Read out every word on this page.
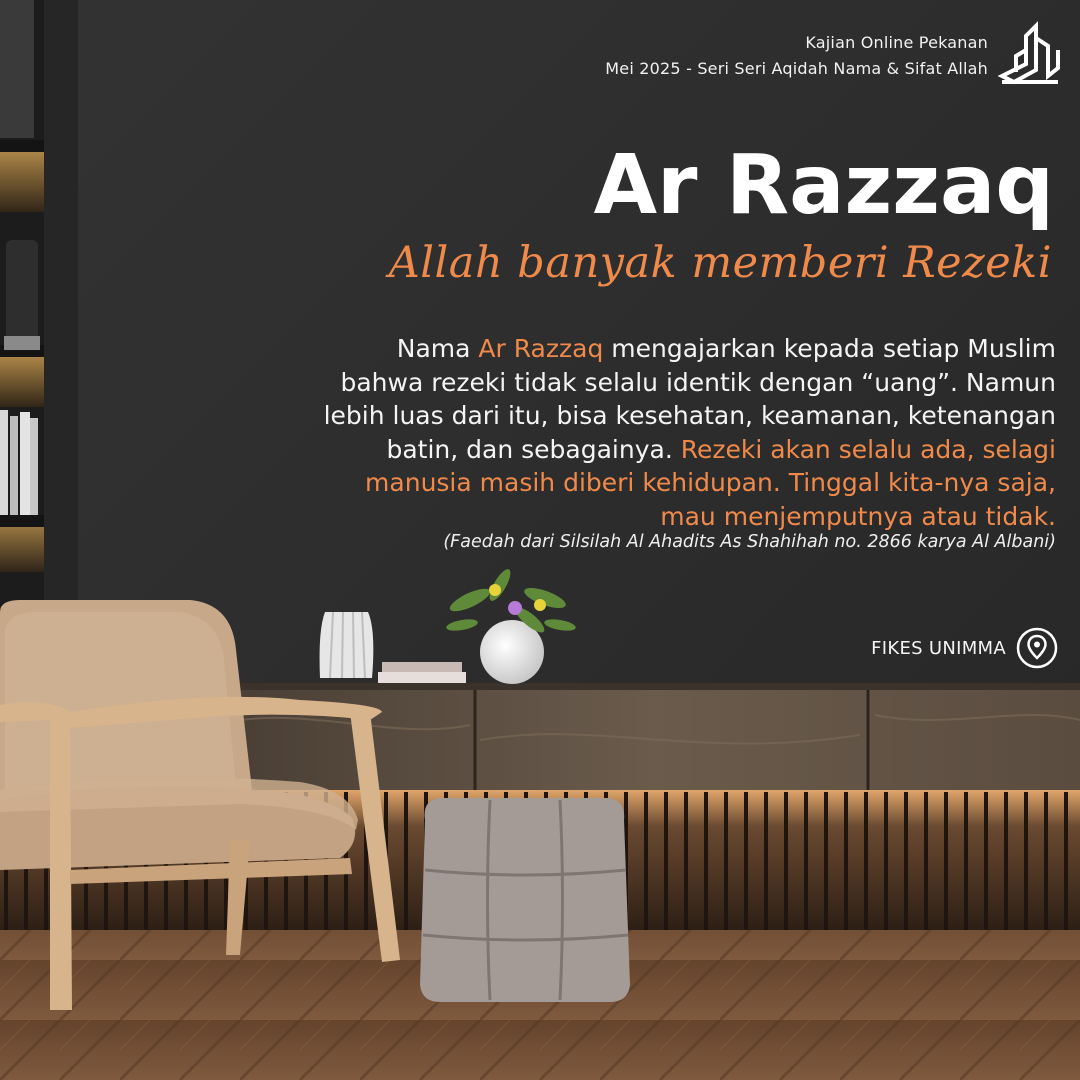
Kajian Online Pekanan
Mei 2025 - Seri Seri Aqidah Nama & Sifat Allah
Ar Razzaq
Allah banyak memberi Rezeki
Nama Ar Razzaq mengajarkan kepada setiap Muslim
bahwa rezeki tidak selalu identik dengan “uang”. Namun
lebih luas dari itu, bisa kesehatan, keamanan, ketenangan
batin, dan sebagainya. Rezeki akan selalu ada, selagi
manusia masih diberi kehidupan. Tinggal kita-nya saja,
mau menjemputnya atau tidak.
(Faedah dari Silsilah Al Ahadits As Shahihah no. 2866 karya Al Albani)
FIKES UNIMMA
